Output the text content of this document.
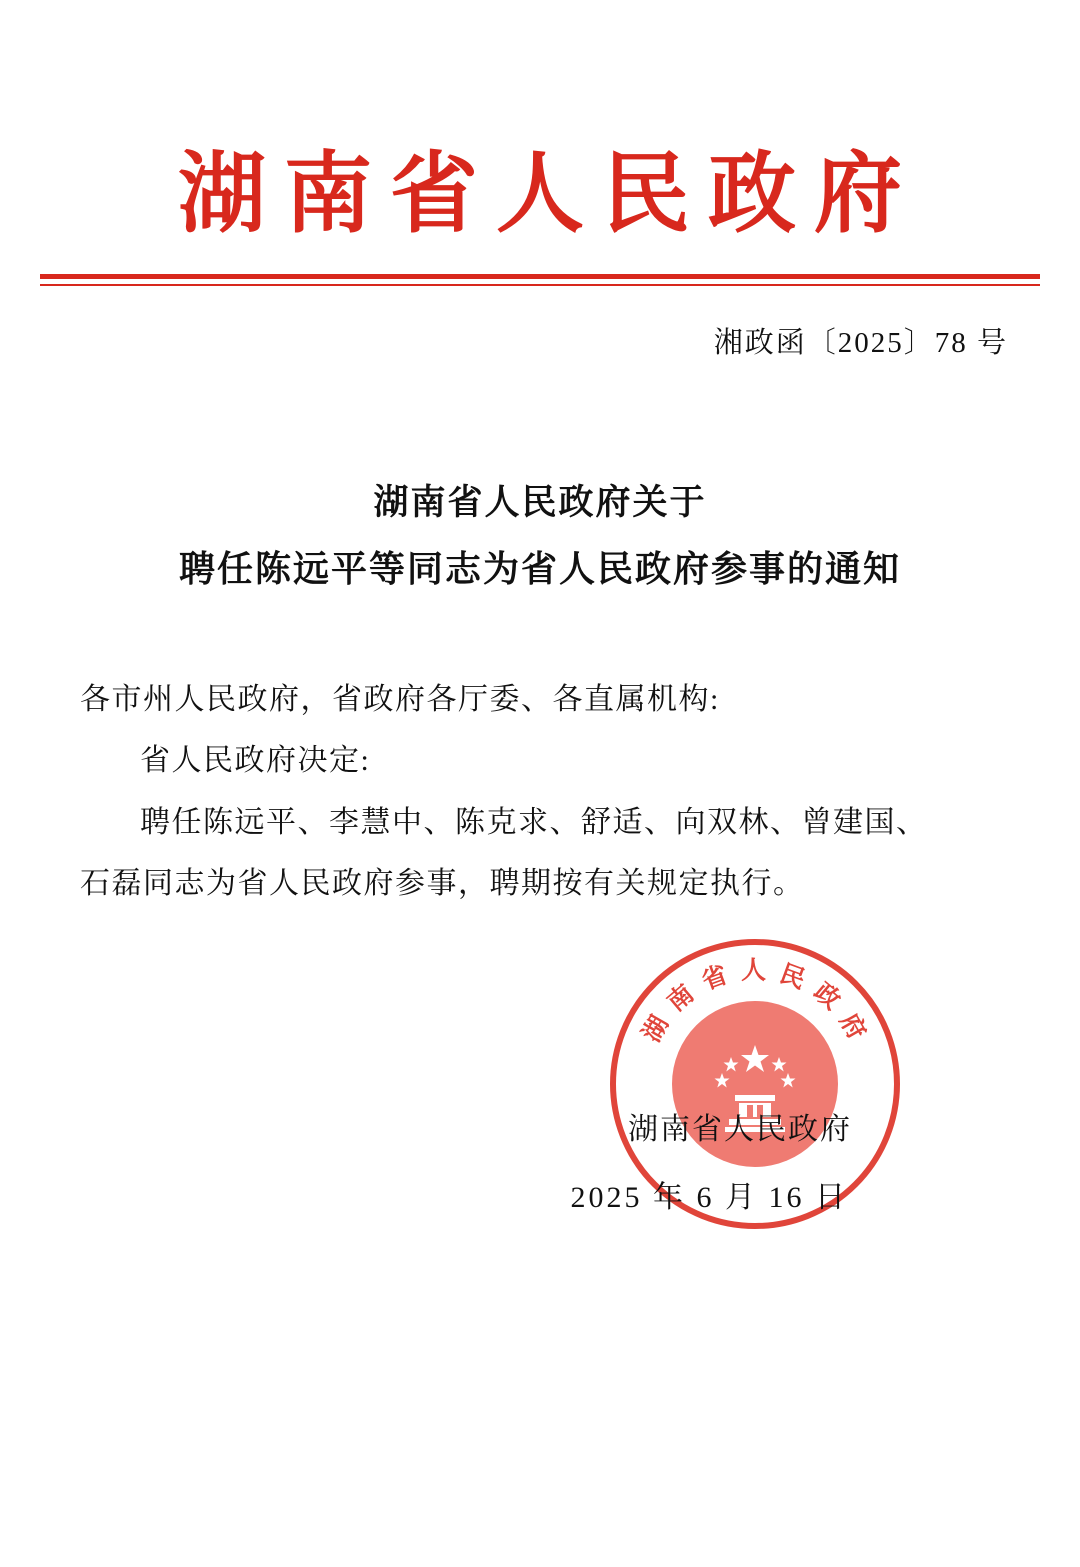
湖南省人民政府
湘政函〔2025〕78 号
湖南省人民政府关于
聘任陈远平等同志为省人民政府参事的通知

各市州人民政府，省政府各厅委、各直属机构:

省人民政府决定:

聘任陈远平、李慧中、陈克求、舒适、向双林、曾建国、

石磊同志为省人民政府参事，聘期按有关规定执行。

湖 南 省 人 民 政 府
湖南省人民政府
2025 年 6 月 16 日
